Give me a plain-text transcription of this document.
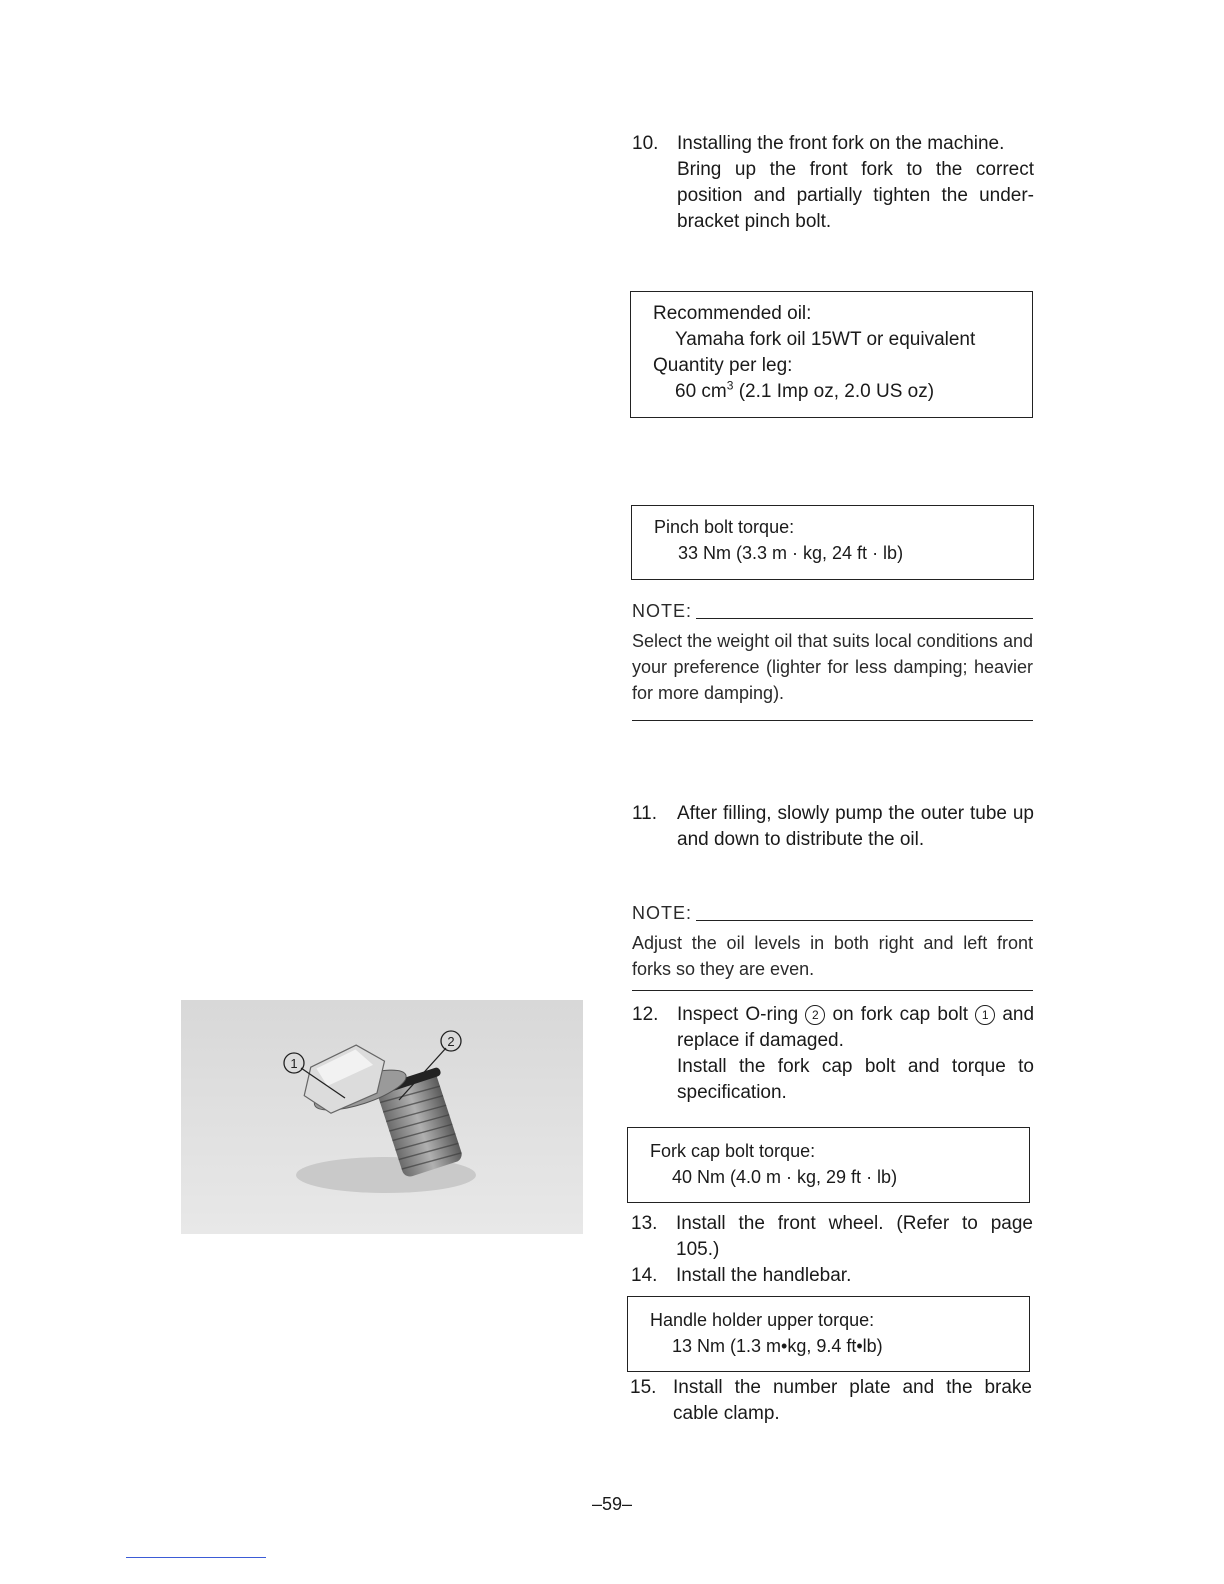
10. Installing the front fork on the machine.

Bring up the front fork to the correct position and partially tighten the under-bracket pinch bolt.

Recommended oil:
Yamaha fork oil 15WT or equivalent
Quantity per leg:
60 $cm^3$ (2.1 Imp oz, 2.0 US oz)
Pinch bolt torque:
33 Nm (3.3 m · kg, 24 ft · lb)
NOTE:

Select the weight oil that suits local conditions and your preference (lighter for less damping; heavier for more damping).

11. After filling, slowly pump the outer tube up and down to distribute the oil.

NOTE:

Adjust the oil levels in both right and left front forks so they are even.

12. Inspect O-ring 2 on fork cap bolt 1 and replace if damaged.

Install the fork cap bolt and torque to specification.

Fork cap bolt torque:
40 Nm (4.0 m · kg, 29 ft · lb)
13. Install the front wheel. (Refer to page 105.)

14. Install the handlebar.

Handle holder upper torque:
13 Nm (1.3 m•kg, 9.4 ft•lb)
15. Install the number plate and the brake cable clamp.

1
2
–59–
